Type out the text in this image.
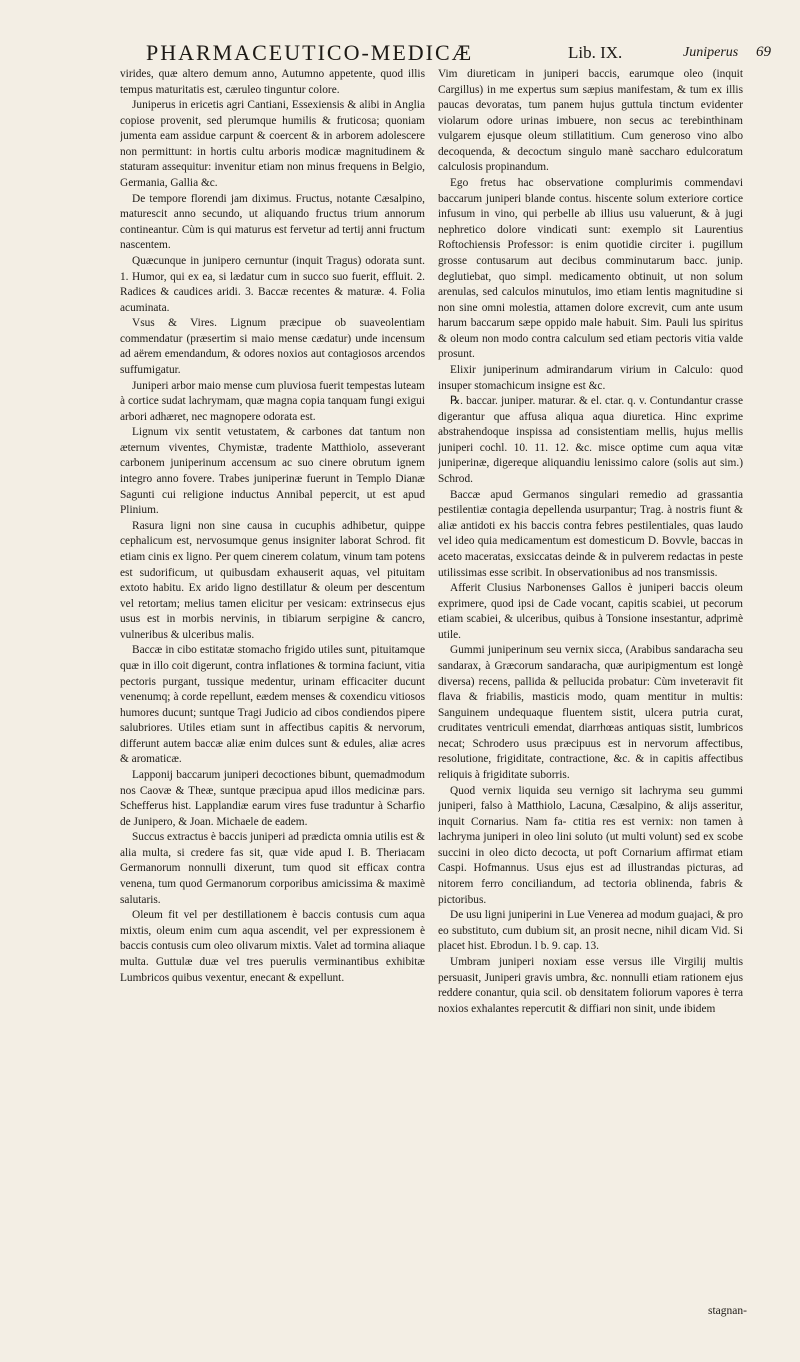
PHARMACEUTICO-MEDICÆ	Lib. IX.	Juniperus 69

virides, quæ altero demum anno, Autumno appetente, quod illis tempus maturitatis est, cæruleo tinguntur colore.

Juniperus in ericetis agri Cantiani, Essexiensis & alibi in Anglia copiose provenit, sed plerumque humilis & fruticosa; quoniam jumenta eam assidue carpunt & coercent & in arborem adolescere non permittunt: in hortis cultu arboris modicæ magnitudinem & staturam assequitur: invenitur etiam non minus frequens in Belgio, Germania, Gallia &c.

De tempore florendi jam diximus. Fructus, notante Cæsalpino, maturescit anno secundo, ut aliquando fructus trium annorum contineantur. Cùm is qui maturus est fervetur ad tertij anni fructum nascentem.

Quæcunque in junipero cernuntur (inquit Tragus) odorata sunt. 1. Humor, qui ex ea, si lædatur cum in succo suo fuerit, effluit. 2. Radices & caudices aridi. 3. Baccæ recentes & maturæ. 4. Folia acuminata.

Vsus & Vires. Lignum præcipue ob suaveolentiam commendatur (præsertim si maio mense cædatur) unde incensum ad aërem emendandum, & odores noxios aut contagiosos arcendos suffumigatur.

Juniperi arbor maio mense cum pluviosa fuerit tempestas luteam à cortice sudat lachrymam, quæ magna copia tanquam fungi exigui arbori adhæret, nec magnopere odorata est.

Lignum vix sentit vetustatem, & carbones dat tantum non æternum viventes, Chymistæ, tradente Matthiolo, asseverant carbonem juniperinum accensum ac suo cinere obrutum ignem integro anno fovere. Trabes juniperinæ fuerunt in Templo Dianæ Sagunti cui religione inductus Annibal pepercit, ut est apud Plinium.

Rasura ligni non sine causa in cucuphis adhibetur, quippe cephalicum est, nervosumque genus insigniter laborat Schrod. fit etiam cinis ex ligno. Per quem cinerem colatum, vinum tam potens est sudorificum, ut quibusdam exhauserit aquas, vel pituitam extoto habitu. Ex arido ligno destillatur & oleum per descentum vel retortam; melius tamen elicitur per vesicam: extrinsecus ejus usus est in morbis nervinis, in tibiarum serpigine & cancro, vulneribus & ulceribus malis.

Baccæ in cibo estitatæ stomacho frigido utiles sunt, pituitamque quæ in illo coit digerunt, contra inflationes & tormina faciunt, vitia pectoris purgant, tussique medentur, urinam efficaciter ducunt venenumq; à corde repellunt, eædem menses & coxendicu vitiosos humores ducunt; suntque Tragi Judicio ad cibos condiendos pipere salubriores. Utiles etiam sunt in affectibus capitis & nervorum, differunt autem baccæ aliæ enim dulces sunt & edules, aliæ acres & aromaticæ.

Lapponij baccarum juniperi decoctiones bibunt, quemadmodum nos Caovæ & Theæ, suntque præcipua apud illos medicinæ pars. Schefferus hist. Lapplandiæ earum vires fuse traduntur à Scharfio de Junipero, & Joan. Michaele de eadem.

Succus extractus è baccis juniperi ad prædicta omnia utilis est & alia multa, si credere fas sit, quæ vide apud I. B. Theriacam Germanorum nonnulli dixerunt, tum quod sit efficax contra venena, tum quod Germanorum corporibus amicissima & maximè salutaris.

Oleum fit vel per destillationem è baccis contusis cum aqua mixtis, oleum enim cum aqua ascendit, vel per expressionem è baccis contusis cum oleo olivarum mixtis. Valet ad tormina aliaque multa. Guttulæ duæ vel tres puerulis verminantibus exhibitæ Lumbricos quibus vexentur, enecant & expellunt.

Vim diureticam in juniperi baccis, earumque oleo (inquit Cargillus) in me expertus sum sæpius manifestam, & tum ex illis paucas devoratas, tum panem hujus guttula tinctum evidenter violarum odore urinas imbuere, non secus ac terebinthinam vulgarem ejusque oleum stillatitium. Cum generoso vino albo decoquenda, & decoctum singulo manè saccharo edulcoratum calculosis propinandum.

Ego fretus hac observatione complurimis commendavi baccarum juniperi blande contus. hiscente solum exteriore cortice infusum in vino, qui perbelle ab illius usu valuerunt, & à jugi nephretico dolore vindicati sunt: exemplo sit Laurentius Roftochiensis Professor: is enim quotidie circiter i. pugillum grosse contusarum aut decibus comminutarum bacc. junip. deglutiebat, quo simpl. medicamento obtinuit, ut non solum arenulas, sed calculos minutulos, imo etiam lentis magnitudine si non sine omni molestia, attamen dolore excrevit, cum ante usum harum baccarum sæpe oppido male habuit. Sim. Pauli lus spiritus & oleum non modo contra calculum sed etiam pectoris vitia valde prosunt.

Elixir juniperinum admirandarum virium in Calculo: quod insuper stomachicum insigne est &c.

℞. baccar. juniper. maturar. & el. ctar. q. v. Contundantur crasse digerantur que affusa aliqua aqua diuretica. Hinc exprime abstrahendoque inspissa ad consistentiam mellis, hujus mellis juniperi cochl. 10. 11. 12. &c. misce optime cum aqua vitæ juniperinæ, digereque aliquandiu lenissimo calore (solis aut sim.) Schrod.

Baccæ apud Germanos singulari remedio ad grassantia pestilentiæ contagia depellenda usurpantur; Trag. à nostris fiunt & aliæ antidoti ex his baccis contra febres pestilentiales, quas laudo vel ideo quia medicamentum est domesticum D. Bovvle, baccas in aceto maceratas, exsiccatas deinde & in pulverem redactas in peste utilissimas esse scribit. In observationibus ad nos transmissis.

Afferit Clusius Narbonenses Gallos è juniperi baccis oleum exprimere, quod ipsi de Cade vocant, capitis scabiei, ut pecorum etiam scabiei, & ulceribus, quibus à Tonsione insestantur, adprimè utile.

Gummi juniperinum seu vernix sicca, (Arabibus sandaracha seu sandarax, à Græcorum sandaracha, quæ auripigmentum est longè diversa) recens, pallida & pellucida probatur: Cùm inveteravit fit flava & friabilis, masticis modo, quam mentitur in multis: Sanguinem undequaque fluentem sistit, ulcera putria curat, cruditates ventriculi emendat, diarrhœas antiquas sistit, lumbricos necat; Schrodero usus præcipuus est in nervorum affectibus, resolutione, frigiditate, contractione, &c. & in capitis affectibus reliquis à frigiditate suborris.

Quod vernix liquida seu vernigo sit lachryma seu gummi juniperi, falso à Matthiolo, Lacuna, Cæsalpino, & alijs asseritur, inquit Cornarius. Nam fa- ctitia res est vernix: non tamen à lachryma juniperi in oleo lini soluto (ut multi volunt) sed ex scobe succini in oleo dicto decocta, ut poft Cornarium affirmat etiam Caspi. Hofmannus. Usus ejus est ad illustrandas picturas, ad nitorem ferro conciliandum, ad tectoria oblinenda, fabris & pictoribus.

De usu ligni juniperini in Lue Venerea ad modum guajaci, & pro eo substituto, cum dubium sit, an prosit necne, nihil dicam Vid. Si placet hist. Ebrodun. l b. 9. cap. 13.

Umbram juniperi noxiam esse versus ille Virgilij multis persuasit, Juniperi gravis umbra, &c. nonnulli etiam rationem ejus reddere conantur, quia scil. ob densitatem foliorum vapores è terra noxios exhalantes repercutit & diffiari non sinit, unde ibidem

stagnan-
